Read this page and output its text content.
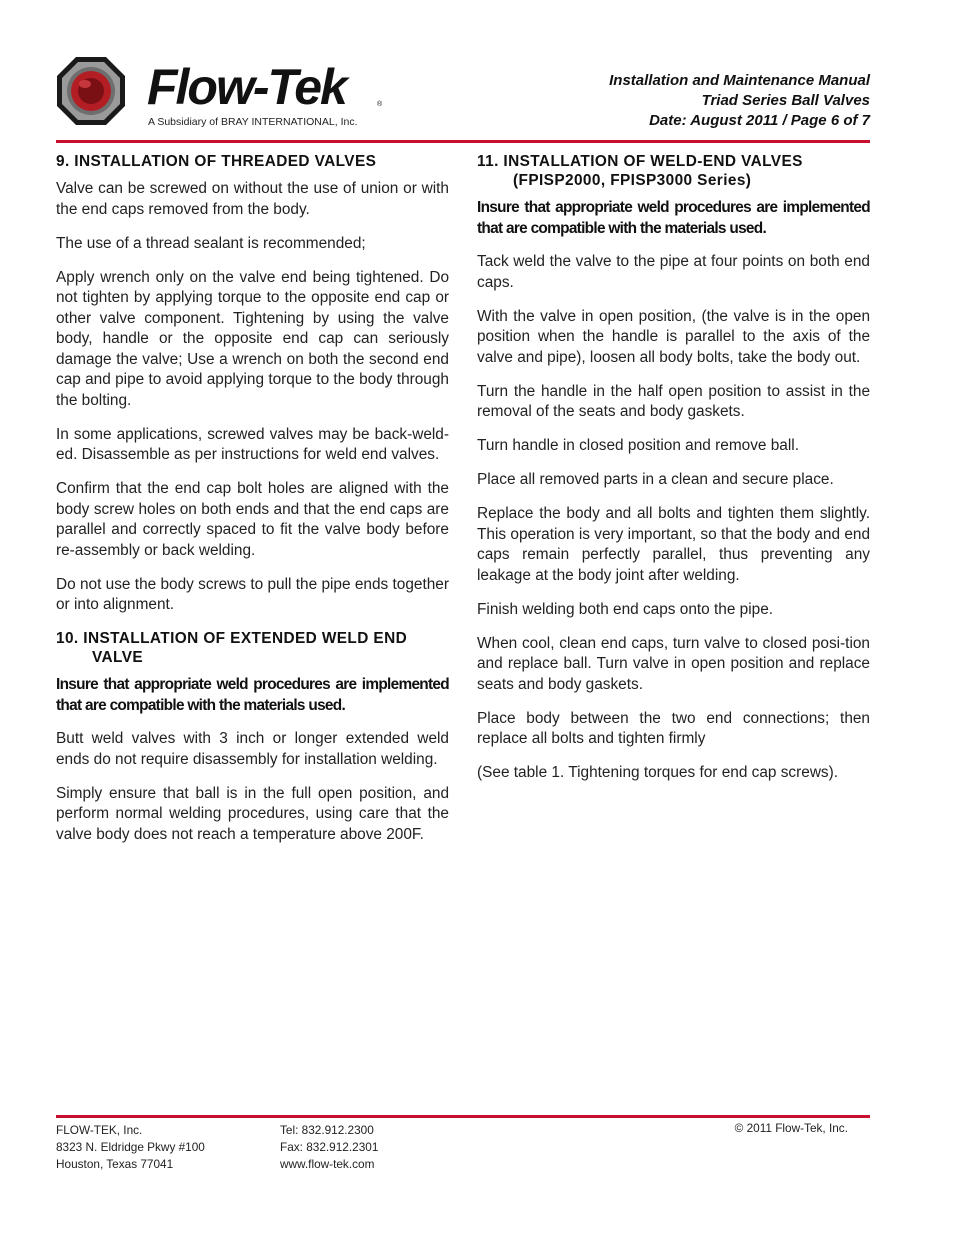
Flow-Tek	®
A Subsidiary of BRAY INTERNATIONAL, Inc.
Installation and Maintenance Manual
Triad Series Ball Valves
Date: August 2011 / Page 6 of 7
9. INSTALLATION OF THREADED VALVES

Valve can be screwed on without the use of union or with the end caps removed from the body.

The use of a thread sealant is recommended;

Apply wrench only on the valve end being tightened. Do not tighten by applying torque to the opposite end cap or other valve component. Tightening by using the valve body, handle or the opposite end cap can seriously damage the valve; Use a wrench on both the second end cap and pipe to avoid applying torque to the body through the bolting.

In some applications, screwed valves may be back-weld-ed. Disassemble as per instructions for weld end valves.

Confirm that the end cap bolt holes are aligned with the body screw holes on both ends and that the end caps are parallel and correctly spaced to fit the valve body before re-assembly or back welding.

Do not use the body screws to pull the pipe ends together or into alignment.

10. INSTALLATION OF EXTENDED WELD END VALVE

Insure that appropriate weld procedures are implemented that are compatible with the materials used.

Butt weld valves with 3 inch or longer extended weld ends do not require disassembly for installation welding.

Simply ensure that ball is in the full open position, and perform normal welding procedures, using care that the valve body does not reach a temperature above 200F.

11. INSTALLATION OF WELD-END VALVES (FPISP2000, FPISP3000 Series)

Insure that appropriate weld procedures are implemented that are compatible with the materials used.

Tack weld the valve to the pipe at four points on both end caps.

With the valve in open position, (the valve is in the open position when the handle is parallel to the axis of the valve and pipe), loosen all body bolts, take the body out.

Turn the handle in the half open position to assist in the removal of the seats and body gaskets.

Turn handle in closed position and remove ball.

Place all removed parts in a clean and secure place.

Replace the body and all bolts and tighten them slightly. This operation is very important, so that the body and end caps remain perfectly parallel, thus preventing any leakage at the body joint after welding.

Finish welding both end caps onto the pipe.

When cool, clean end caps, turn valve to closed posi-tion and replace ball. Turn valve in open position and replace seats and body gaskets.

Place body between the two end connections; then replace all bolts and tighten firmly

(See table 1. Tightening torques for end cap screws).

FLOW-TEK, Inc.
8323 N. Eldridge Pkwy #100
Houston, Texas 77041
Tel: 832.912.2300
Fax: 832.912.2301
www.flow-tek.com
© 2011 Flow-Tek, Inc.
